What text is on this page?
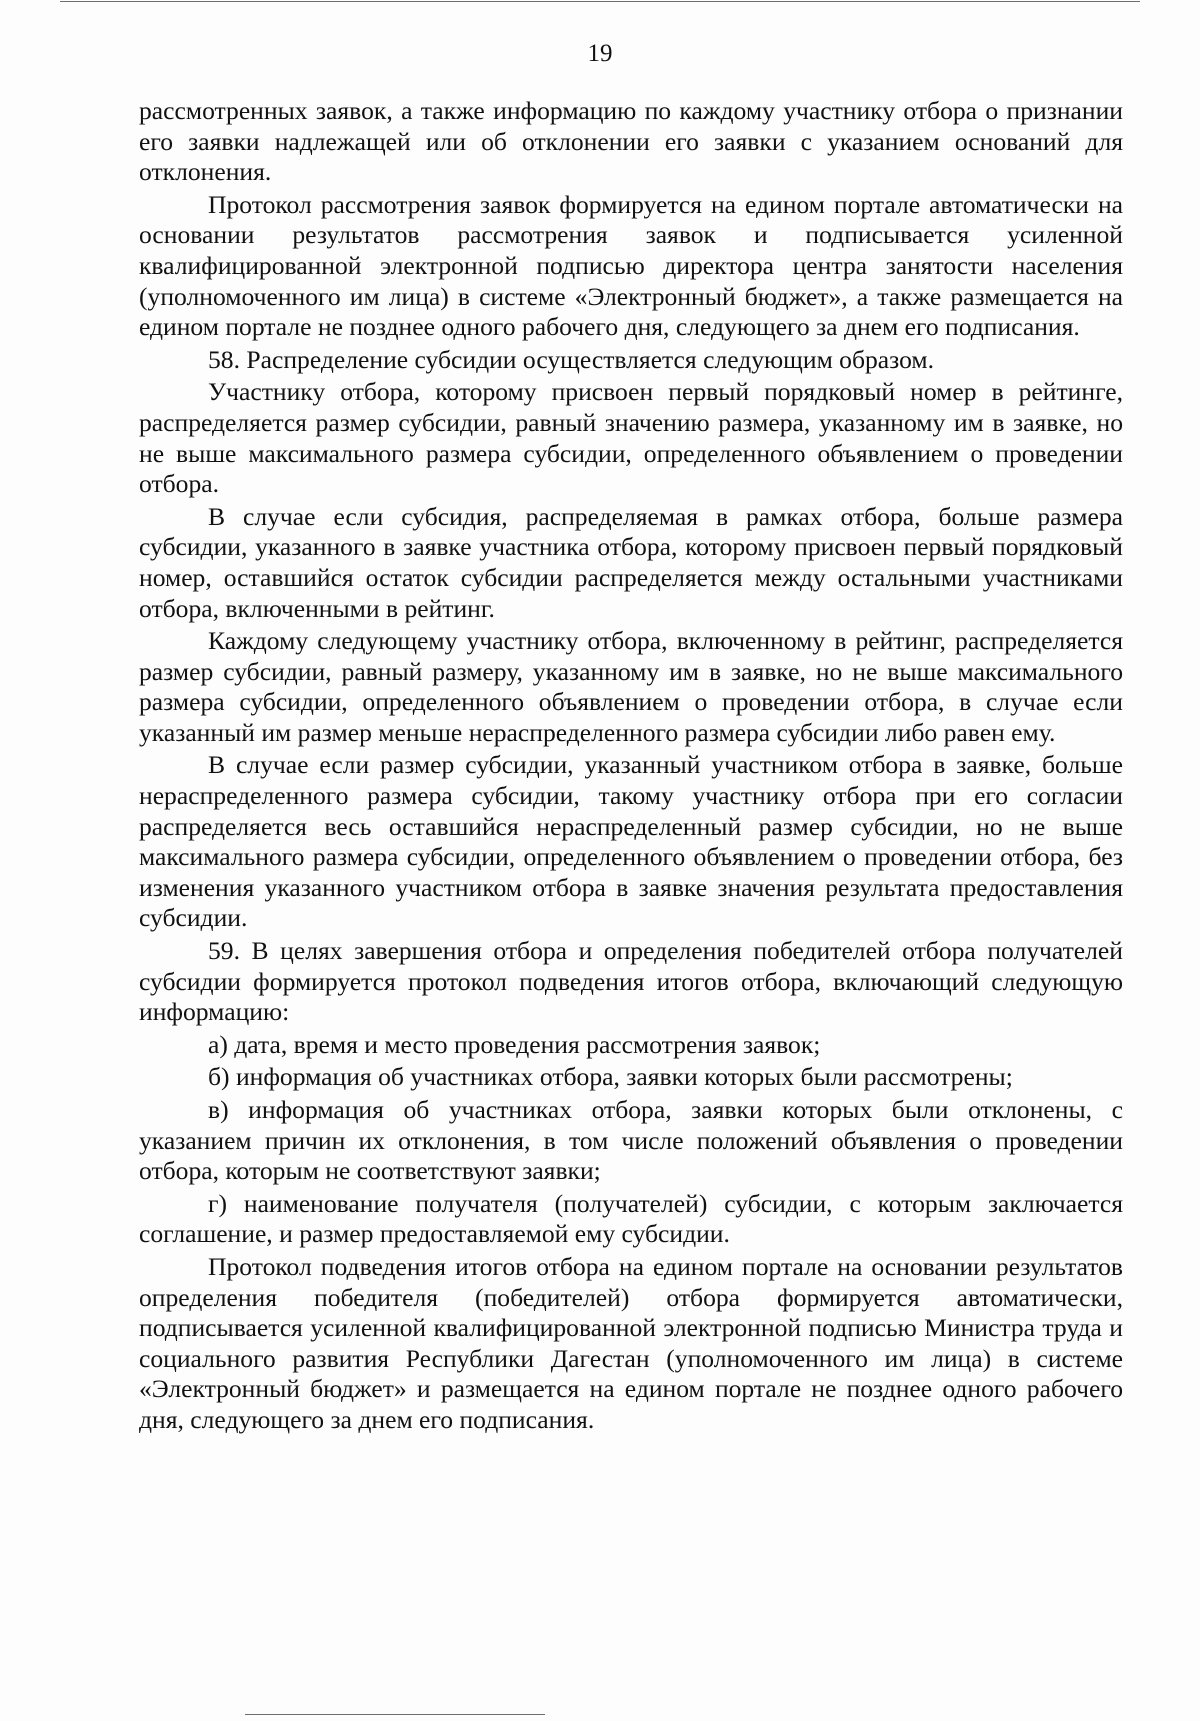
19

рассмотренных заявок, а также информацию по каждому участнику отбора о признании его заявки надлежащей или об отклонении его заявки с указанием оснований для отклонения.

Протокол рассмотрения заявок формируется на едином портале автоматически на основании результатов рассмотрения заявок и подписывается усиленной квалифицированной электронной подписью директора центра занятости населения (уполномоченного им лица) в системе «Электронный бюджет», а также размещается на едином портале не позднее одного рабочего дня, следующего за днем его подписания.

58. Распределение субсидии осуществляется следующим образом.

Участнику отбора, которому присвоен первый порядковый номер в рейтинге, распределяется размер субсидии, равный значению размера, указанному им в заявке, но не выше максимального размера субсидии, определенного объявлением о проведении отбора.

В случае если субсидия, распределяемая в рамках отбора, больше размера субсидии, указанного в заявке участника отбора, которому присвоен первый порядковый номер, оставшийся остаток субсидии распределяется между остальными участниками отбора, включенными в рейтинг.

Каждому следующему участнику отбора, включенному в рейтинг, распределяется размер субсидии, равный размеру, указанному им в заявке, но не выше максимального размера субсидии, определенного объявлением о проведении отбора, в случае если указанный им размер меньше нераспределенного размера субсидии либо равен ему.

В случае если размер субсидии, указанный участником отбора в заявке, больше нераспределенного размера субсидии, такому участнику отбора при его согласии распределяется весь оставшийся нераспределенный размер субсидии, но не выше максимального размера субсидии, определенного объявлением о проведении отбора, без изменения указанного участником отбора в заявке значения результата предоставления субсидии.

59. В целях завершения отбора и определения победителей отбора получателей субсидии формируется протокол подведения итогов отбора, включающий следующую информацию:

а) дата, время и место проведения рассмотрения заявок;

б) информация об участниках отбора, заявки которых были рассмотрены;

в) информация об участниках отбора, заявки которых были отклонены, с указанием причин их отклонения, в том числе положений объявления о проведении отбора, которым не соответствуют заявки;

г) наименование получателя (получателей) субсидии, с которым заключается соглашение, и размер предоставляемой ему субсидии.

Протокол подведения итогов отбора на едином портале на основании результатов определения победителя (победителей) отбора формируется автоматически, подписывается усиленной квалифицированной электронной подписью Министра труда и социального развития Республики Дагестан (уполномоченного им лица) в системе «Электронный бюджет» и размещается на едином портале не позднее одного рабочего дня, следующего за днем его подписания.
